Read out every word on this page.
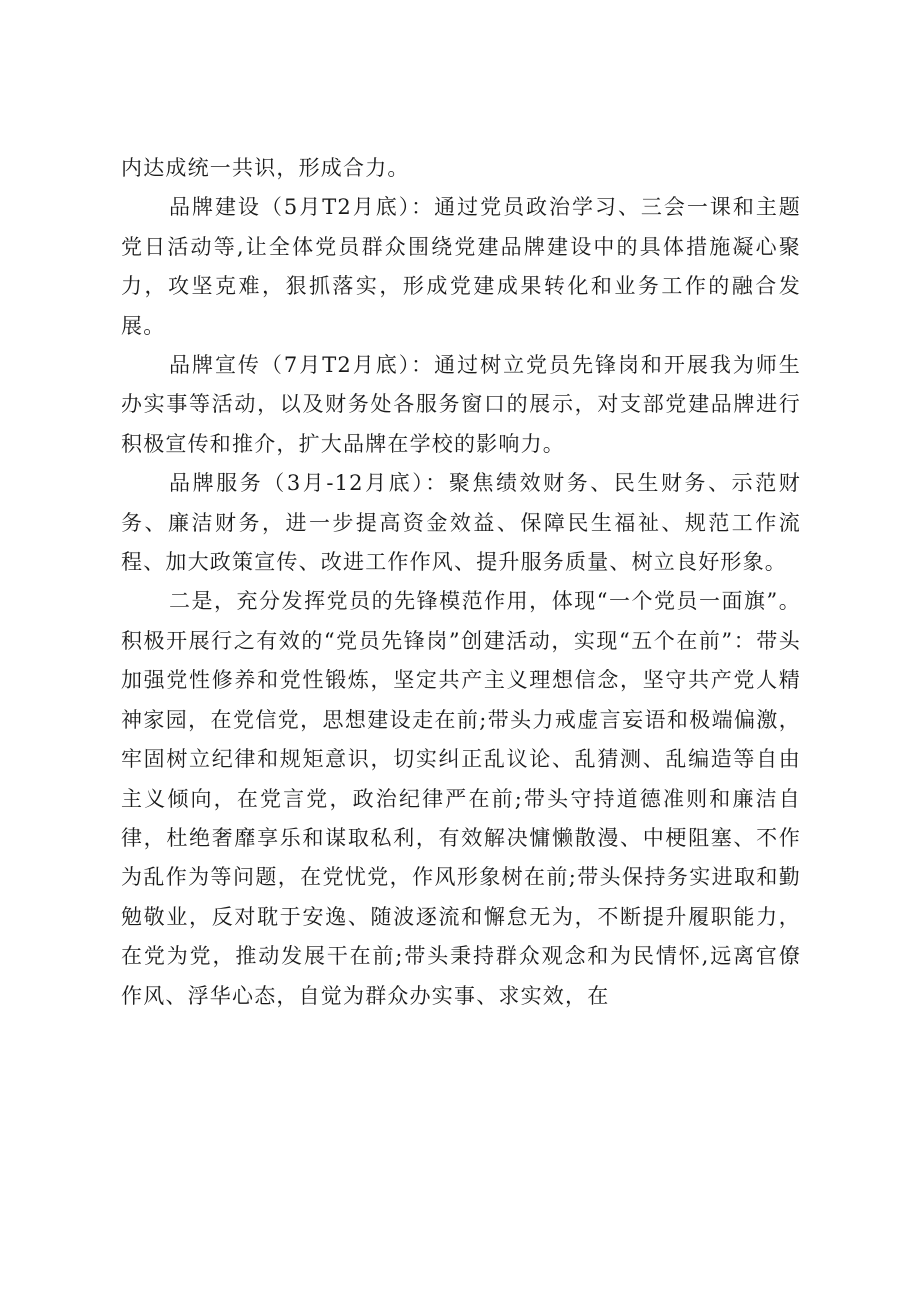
内达成统一共识，形成合力。

品牌建设（5月T2月底）：通过党员政治学习、三会一课和主题党日活动等,让全体党员群众围绕党建品牌建设中的具体措施凝心聚力，攻坚克难，狠抓落实，形成党建成果转化和业务工作的融合发展。

品牌宣传（7月T2月底）：通过树立党员先锋岗和开展我为师生办实事等活动，以及财务处各服务窗口的展示，对支部党建品牌进行积极宣传和推介，扩大品牌在学校的影响力。

品牌服务（3月-12月底）：聚焦绩效财务、民生财务、示范财务、廉洁财务，进一步提高资金效益、保障民生福祉、规范工作流程、加大政策宣传、改进工作作风、提升服务质量、树立良好形象。

二是，充分发挥党员的先锋模范作用，体现“一个党员一面旗”。积极开展行之有效的“党员先锋岗”创建活动，实现“五个在前”：带头加强党性修养和党性锻炼，坚定共产主义理想信念，坚守共产党人精神家园，在党信党，思想建设走在前;带头力戒虚言妄语和极端偏激，牢固树立纪律和规矩意识，切实纠正乱议论、乱猜测、乱编造等自由主义倾向，在党言党，政治纪律严在前;带头守持道德准则和廉洁自律，杜绝奢靡享乐和谋取私利，有效解决慵懒散漫、中梗阻塞、不作为乱作为等问题，在党忧党，作风形象树在前;带头保持务实进取和勤勉敬业，反对耽于安逸、随波逐流和懈怠无为，不断提升履职能力，在党为党，推动发展干在前;带头秉持群众观念和为民情怀,远离官僚作风、浮华心态，自觉为群众办实事、求实效，在
